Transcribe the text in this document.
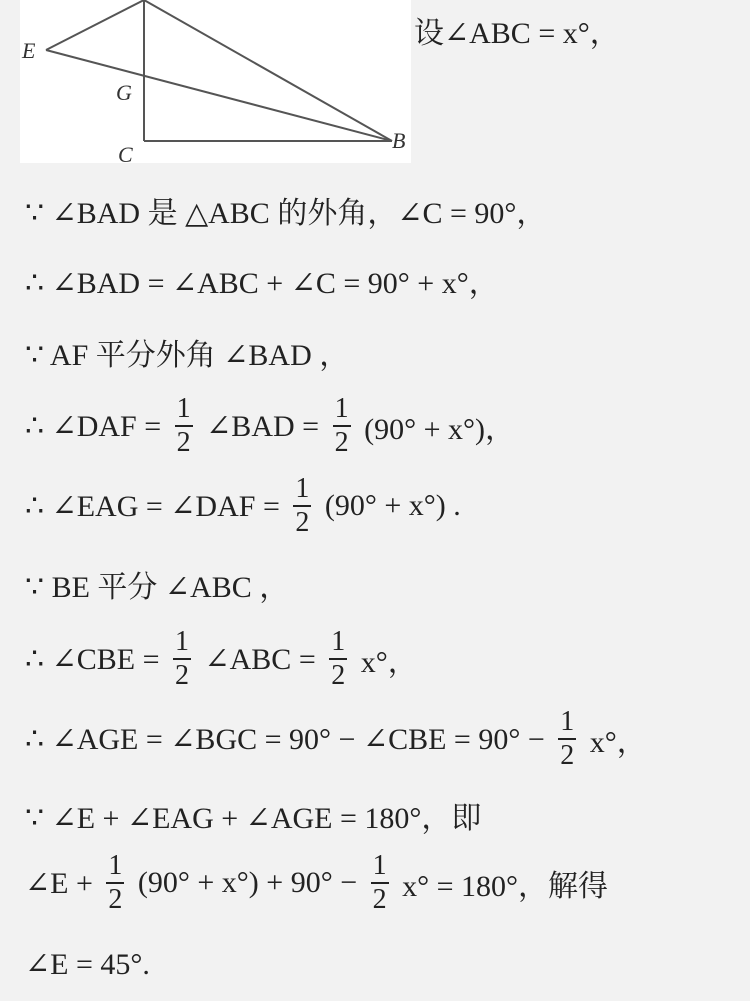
E
G
C
B
设∠ABC = x°，
∵ ∠BAD 是 △ABC 的外角，∠C = 90°，
∴ ∠BAD = ∠ABC + ∠C = 90° + x°，
∵ AF 平分外角 ∠BAD ，
∴ ∠DAF = $\frac{1}{2}$ ∠BAD = $\frac{1}{2} (90^\circ + x^\circ)$，
∴ ∠EAG = ∠DAF = $\frac{1}{2} (90^\circ + x^\circ)$ .
∵ BE 平分 ∠ABC ，
∴ ∠CBE = $\frac{1}{2}$ ∠ABC = $\frac{1}{2} x^\circ$，
∴ ∠AGE = ∠BGC = 90° − ∠CBE = $90^\circ - \frac{1}{2} x^\circ$，
∵ ∠E + ∠EAG + ∠AGE = 180°，即
∠E + $\frac{1}{2} (90^\circ + x^\circ) + 90^\circ - \frac{1}{2} x^\circ = 180^\circ$，解得
∠E = 45°.
